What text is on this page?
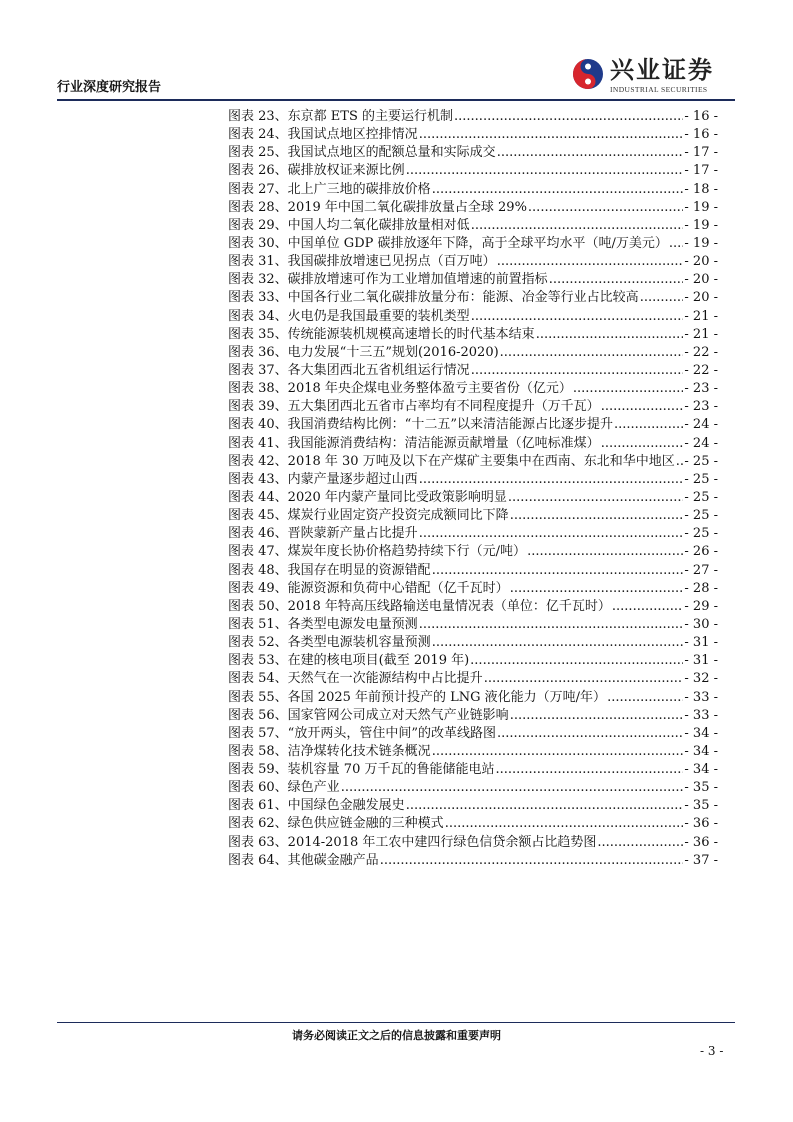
行业深度研究报告
兴业证券
INDUSTRIAL SECURITIES
图表 23、东京都 ETS 的主要运行机制 .....	- 16 -
图表 24、我国试点地区控排情况 .....	- 16 -
图表 25、我国试点地区的配额总量和实际成交 .....	- 17 -
图表 26、碳排放权证来源比例 .....	- 17 -
图表 27、北上广三地的碳排放价格 .....	- 18 -
图表 28、2019 年中国二氧化碳排放量占全球 29% .....	- 19 -
图表 29、中国人均二氧化碳排放量相对低 .....	- 19 -
图表 30、中国单位 GDP 碳排放逐年下降，高于全球平均水平（吨/万美元） ..... - 19 -
图表 31、我国碳排放增速已见拐点（百万吨） .....	- 20 -
图表 32、碳排放增速可作为工业增加值增速的前置指标 .....	- 20 -
图表 33、中国各行业二氧化碳排放量分布：能源、冶金等行业占比较高 .....	- 20 -
图表 34、火电仍是我国最重要的装机类型 .....	- 21 -
图表 35、传统能源装机规模高速增长的时代基本结束 .....	- 21 -
图表 36、电力发展“十三五”规划(2016-2020) .....	- 22 -
图表 37、各大集团西北五省机组运行情况 .....	- 22 -
图表 38、2018 年央企煤电业务整体盈亏主要省份（亿元） .....	- 23 -
图表 39、五大集团西北五省市占率均有不同程度提升（万千瓦） .....	- 23 -
图表 40、我国消费结构比例：“十二五”以来清洁能源占比逐步提升 .....	- 24 -
图表 41、我国能源消费结构：清洁能源贡献增量（亿吨标准煤） .....	- 24 -
图表 42、2018 年 30 万吨及以下在产煤矿主要集中在西南、东北和华中地区 ..... - 25 -
图表 43、内蒙产量逐步超过山西 .....	- 25 -
图表 44、2020 年内蒙产量同比受政策影响明显 .....	- 25 -
图表 45、煤炭行业固定资产投资完成额同比下降 .....	- 25 -
图表 46、晋陕蒙新产量占比提升 .....	- 25 -
图表 47、煤炭年度长协价格趋势持续下行（元/吨） .....	- 26 -
图表 48、我国存在明显的资源错配 .....	- 27 -
图表 49、能源资源和负荷中心错配（亿千瓦时） .....	- 28 -
图表 50、2018 年特高压线路输送电量情况表（单位：亿千瓦时） .....	- 29 -
图表 51、各类型电源发电量预测 .....	- 30 -
图表 52、各类型电源装机容量预测 .....	- 31 -
图表 53、在建的核电项目(截至 2019 年) .....	- 31 -
图表 54、天然气在一次能源结构中占比提升 .....	- 32 -
图表 55、各国 2025 年前预计投产的 LNG 液化能力（万吨/年） .....	- 33 -
图表 56、国家管网公司成立对天然气产业链影响 .....	- 33 -
图表 57、“放开两头，管住中间”的改革线路图 .....	- 34 -
图表 58、洁净煤转化技术链条概况 .....	- 34 -
图表 59、装机容量 70 万千瓦的鲁能储能电站 .....	- 34 -
图表 60、绿色产业 .....	- 35 -
图表 61、中国绿色金融发展史 .....	- 35 -
图表 62、绿色供应链金融的三种模式 .....	- 36 -
图表 63、2014-2018 年工农中建四行绿色信贷余额占比趋势图 .....	- 36 -
图表 64、其他碳金融产品 .....	- 37 -
请务必阅读正文之后的信息披露和重要声明
- 3 -
